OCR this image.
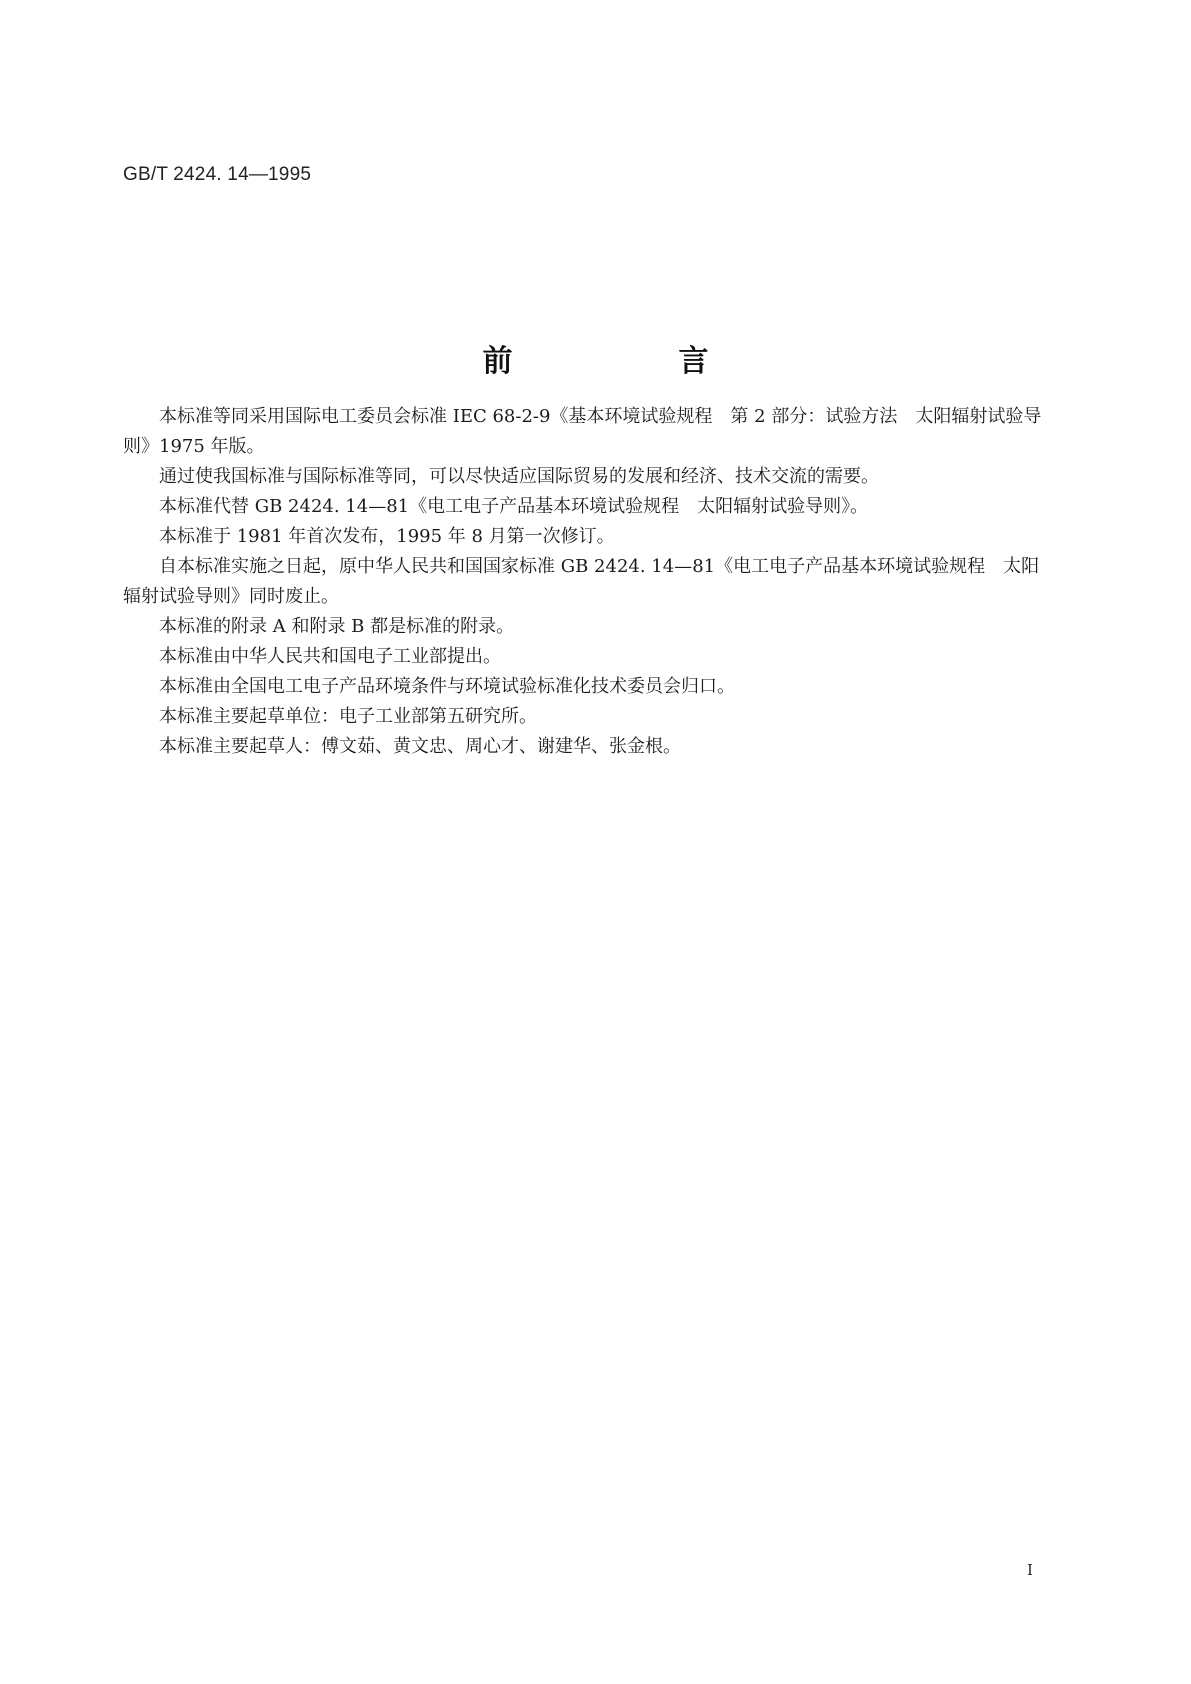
GB/T 2424. 14—1995
前　言

本标准等同采用国际电工委员会标准 IEC 68-2-9《基本环境试验规程　第 2 部分：试验方法　太阳辐射试验导则》1975 年版。

通过使我国标准与国际标准等同，可以尽快适应国际贸易的发展和经济、技术交流的需要。

本标准代替 GB 2424. 14—81《电工电子产品基本环境试验规程　太阳辐射试验导则》。

本标准于 1981 年首次发布，1995 年 8 月第一次修订。

自本标准实施之日起，原中华人民共和国国家标准 GB 2424. 14—81《电工电子产品基本环境试验规程　太阳辐射试验导则》同时废止。

本标准的附录 A 和附录 B 都是标准的附录。

本标准由中华人民共和国电子工业部提出。

本标准由全国电工电子产品环境条件与环境试验标准化技术委员会归口。

本标准主要起草单位：电子工业部第五研究所。

本标准主要起草人：傅文茹、黄文忠、周心才、谢建华、张金根。

I
